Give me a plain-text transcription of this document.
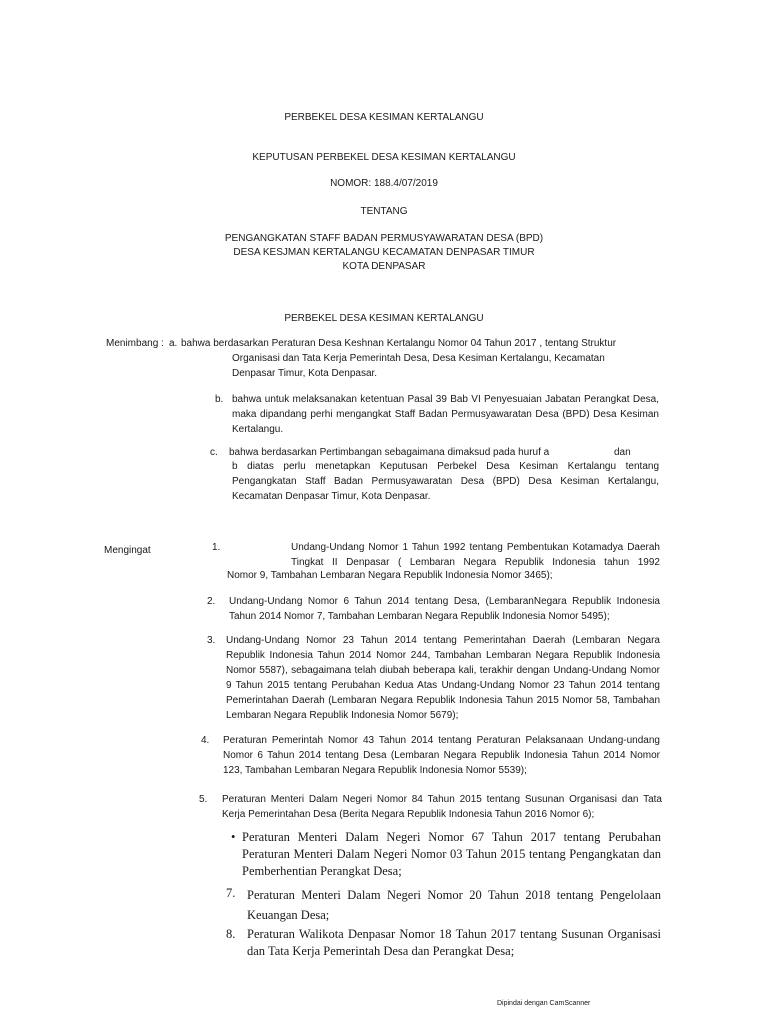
PERBEKEL DESA KESIMAN KERTALANGU

KEPUTUSAN PERBEKEL DESA KESIMAN KERTALANGU

NOMOR: 188.4/07/2019

TENTANG

PENGANGKATAN STAFF BADAN PERMUSYAWARATAN DESA (BPD)

DESA KESJMAN KERTALANGU KECAMATAN DENPASAR TIMUR

KOTA DENPASAR

PERBEKEL DESA KESIMAN KERTALANGU

Menimbang : a. bahwa berdasarkan Peraturan Desa Keshnan Kertalangu Nomor 04 Tahun 2017 , tentang Struktur

Organisasi dan Tata Kerja Pemerintah Desa, Desa Kesiman Kertalangu, Kecamatan Denpasar Timur, Kota Denpasar.

b. bahwa untuk melaksanakan ketentuan Pasal 39 Bab VI Penyesuaian Jabatan Perangkat Desa, maka dipandang perhi mengangkat Staff Badan Permusyawaratan Desa (BPD) Desa Kesiman Kertalangu.

c. bahwa berdasarkan Pertimbangan sebagaimana dimaksud pada huruf a	dan

b diatas perlu menetapkan Keputusan Perbekel Desa Kesiman Kertalangu tentang Pengangkatan Staff Badan Permusyawaratan Desa (BPD) Desa Kesiman Kertalangu, Kecamatan Denpasar Timur, Kota Denpasar.

Mengingat	1.	Undang-Undang Nomor 1 Tahun 1992 tentang Pembentukan Kotamadya Daerah Tingkat II Denpasar ( Lembaran Negara Republik Indonesia tahun 1992

Nomor 9, Tambahan Lembaran Negara Republik Indonesia Nomor 3465);

2. Undang-Undang Nomor 6 Tahun 2014 tentang Desa, (LembaranNegara Republik Indonesia Tahun 2014 Nomor 7, Tambahan Lembaran Negara Republik Indonesia Nomor 5495);

3. Undang-Undang Nomor 23 Tahun 2014 tentang Pemerintahan Daerah (Lembaran Negara Republik Indonesia Tahun 2014 Nomor 244, Tambahan Lembaran Negara Republik Indonesia Nomor 5587), sebagaimana telah diubah beberapa kali, terakhir dengan Undang-Undang Nomor 9 Tahun 2015 tentang Perubahan Kedua Atas Undang-Undang Nomor 23 Tahun 2014 tentang Pemerintahan Daerah (Lembaran Negara Republik Indonesia Tahun 2015 Nomor 58, Tambahan Lembaran Negara Republik Indonesia Nomor 5679);

4. Peraturan Pemerintah Nomor 43 Tahun 2014 tentang Peraturan Pelaksanaan Undang-undang Nomor 6 Tahun 2014 tentang Desa (Lembaran Negara Republik Indonesia Tahun 2014 Nomor 123, Tambahan Lembaran Negara Republik Indonesia Nomor 5539);

5. Peraturan Menteri Dalam Negeri Nomor 84 Tahun 2015 tentang Susunan Organisasi dan Tata Kerja Pemerintahan Desa (Berita Negara Republik Indonesia Tahun 2016 Nomor 6);

• Peraturan Menteri Dalam Negeri Nomor 67 Tahun 2017 tentang Perubahan Peraturan Menteri Dalam Negeri Nomor 03 Tahun 2015 tentang Pengangkatan dan Pemberhentian Perangkat Desa;

7. Peraturan Menteri Dalam Negeri Nomor 20 Tahun 2018 tentang Pengelolaan Keuangan Desa;

8. Peraturan Walikota Denpasar Nomor 18 Tahun 2017 tentang Susunan Organisasi dan Tata Kerja Pemerintah Desa dan Perangkat Desa;

Dipindai dengan CamScanner
